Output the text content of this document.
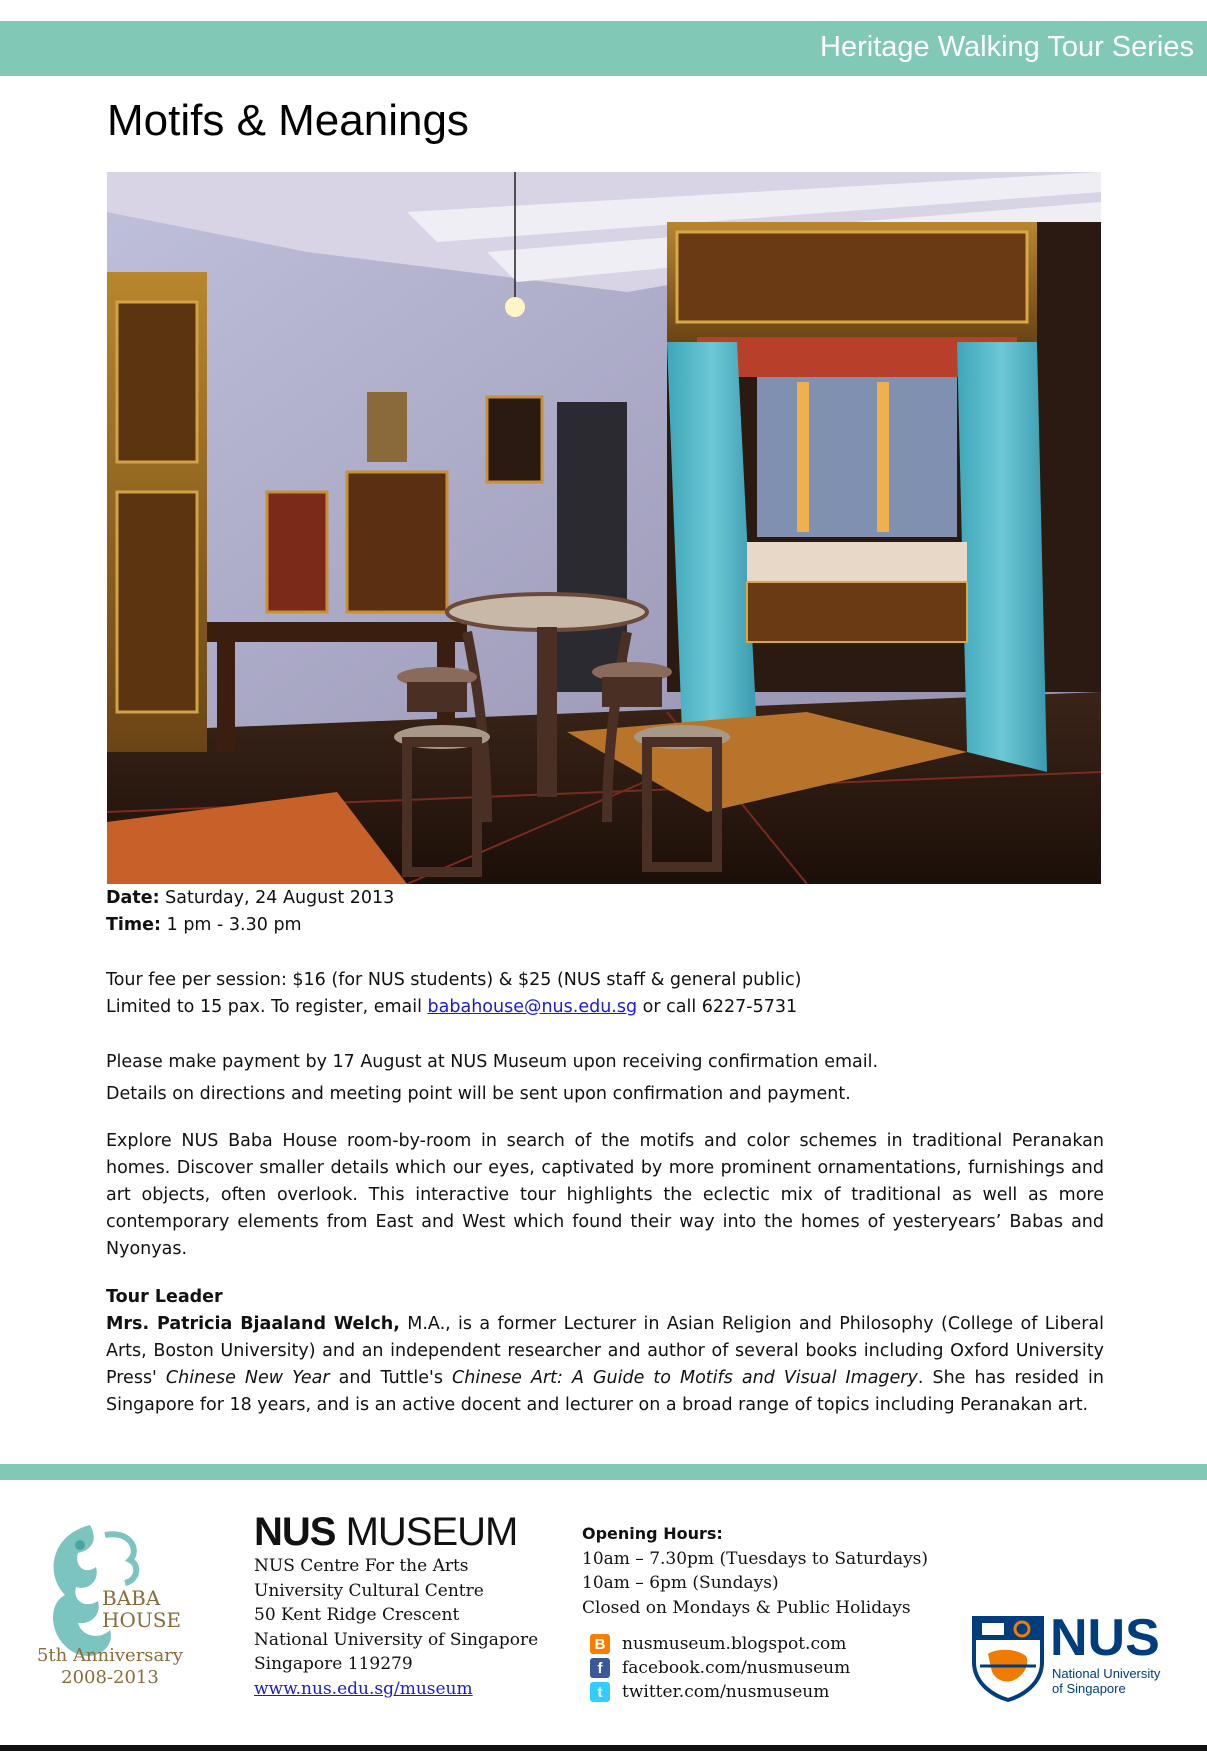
Heritage Walking Tour Series
Motifs & Meanings
Date: Saturday, 24 August 2013
Time: 1 pm - 3.30 pm
Tour fee per session: $16 (for NUS students) & $25 (NUS staff & general public)
Limited to 15 pax. To register, email babahouse@nus.edu.sg or call 6227-5731
Please make payment by 17 August at NUS Museum upon receiving confirmation email.
Details on directions and meeting point will be sent upon confirmation and payment.
Explore NUS Baba House room-by-room in search of the motifs and color schemes in traditional Peranakan homes. Discover smaller details which our eyes, captivated by more prominent ornamentations, furnishings and art objects, often overlook. This interactive tour highlights the eclectic mix of traditional as well as more contemporary elements from East and West which found their way into the homes of yesteryears’ Babas and Nyonyas.
Tour Leader
Mrs. Patricia Bjaaland Welch, M.A., is a former Lecturer in Asian Religion and Philosophy (College of Liberal Arts, Boston University) and an independent researcher and author of several books including Oxford University Press' Chinese New Year and Tuttle's Chinese Art: A Guide to Motifs and Visual Imagery. She has resided in Singapore for 18 years, and is an active docent and lecturer on a broad range of topics including Peranakan art.
BABA
HOUSE
5th Anniversary
2008-2013
NUS MUSEUM
NUS Centre For the Arts
University Cultural Centre
50 Kent Ridge Crescent
National University of Singapore
Singapore 119279
www.nus.edu.sg/museum
Opening Hours:
10am – 7.30pm (Tuesdays to Saturdays)
10am – 6pm (Sundays)
Closed on Mondays & Public Holidays
B nusmuseum.blogspot.com
f	facebook.com/nusmuseum
t	twitter.com/nusmuseum
NUS
National University
of Singapore
